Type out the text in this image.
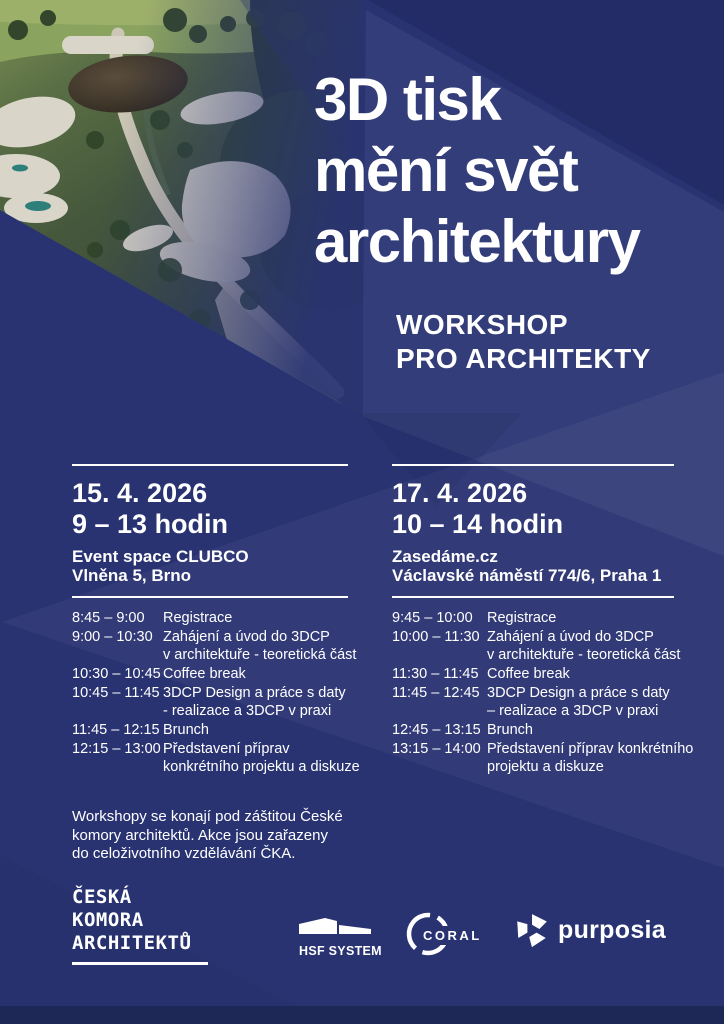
3D tisk
mění svět
architektury
WORKSHOP
PRO ARCHITEKTY
15. 4. 2026
9 – 13 hodin
Event space CLUBCO
Vlněna 5, Brno
8:45 – 9:00	Registrace
9:00 – 10:30 Zahájení a úvod do 3DCP
v architektuře - teoretická část
10:30 – 10:45 Coffee break
10:45 – 11:45 3DCP Design a práce s daty
- realizace a 3DCP v praxi
11:45 – 12:15 Brunch
12:15 – 13:00 Představení příprav
konkrétního projektu a diskuze
17. 4. 2026
10 – 14 hodin
Zasedáme.cz
Václavské náměstí 774/6, Praha 1
9:45 – 10:00 Registrace
10:00 – 11:30 Zahájení a úvod do 3DCP
v architektuře - teoretická část
11:30 – 11:45 Coffee break
11:45 – 12:45 3DCP Design a práce s daty
– realizace a 3DCP v praxi
12:45 – 13:15 Brunch
13:15 – 14:00 Představení příprav konkrétního
projektu a diskuze
Workshopy se konají pod záštitou České
komory architektů. Akce jsou zařazeny
do celoživotního vzdělávání ČKA.
ČESKÁ
KOMORA
ARCHITEKTŮ	HSF SYSTEM
CORAL	purposia
